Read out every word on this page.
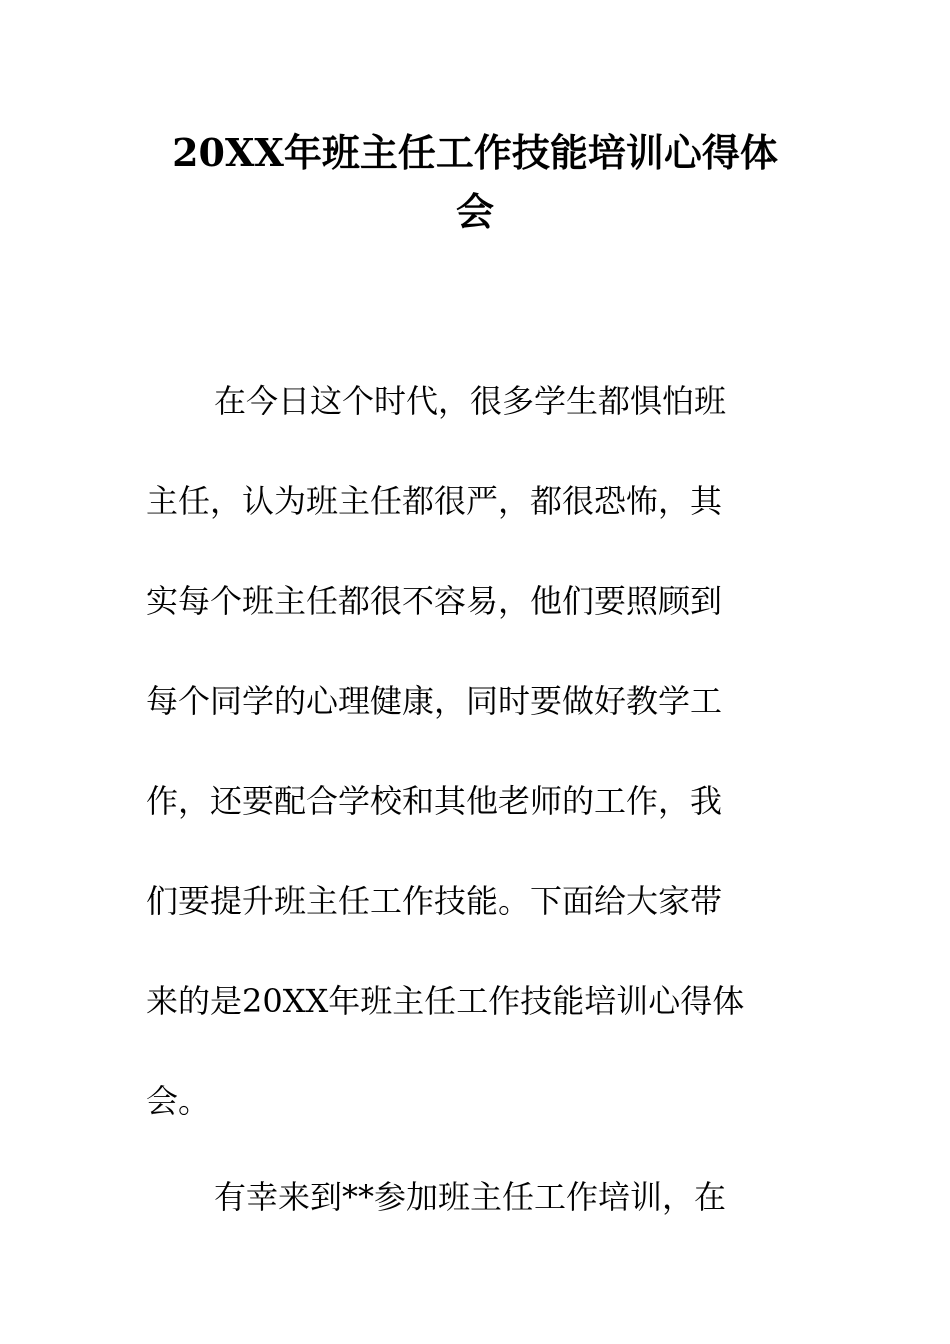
20XX年班主任工作技能培训心得体
会
在今日这个时代，很多学生都惧怕班
主任，认为班主任都很严，都很恐怖，其
实每个班主任都很不容易，他们要照顾到
每个同学的心理健康，同时要做好教学工
作，还要配合学校和其他老师的工作，我
们要提升班主任工作技能。下面给大家带
来的是20XX年班主任工作技能培训心得体
会。
有幸来到**参加班主任工作培训，在
